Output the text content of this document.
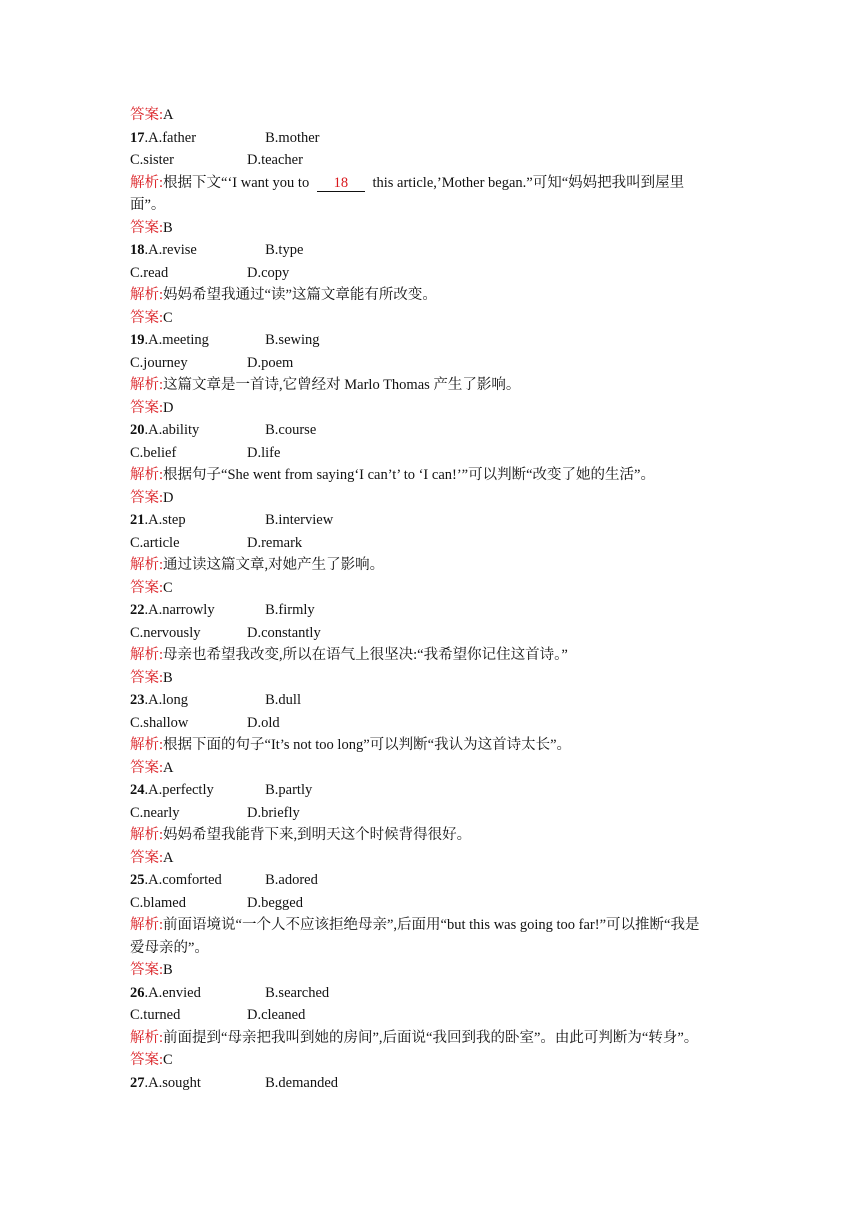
答案:A
17.A.father	B.mother
C.sister	D.teacher
解析:根据下文“‘I want you to 18 this article,’Mother began.”可知“妈妈把我叫到屋里
面”。
答案:B
18.A.revise	B.type
C.read	D.copy
解析:妈妈希望我通过“读”这篇文章能有所改变。
答案:C
19.A.meeting	B.sewing
C.journey	D.poem
解析:这篇文章是一首诗,它曾经对 Marlo Thomas 产生了影响。
答案:D
20.A.ability	B.course
C.belief	D.life
解析:根据句子“She went from saying‘I can’t’ to ‘I can!’”可以判断“改变了她的生活”。
答案:D
21.A.step	B.interview
C.article	D.remark
解析:通过读这篇文章,对她产生了影响。
答案:C
22.A.narrowly	B.firmly
C.nervously	D.constantly
解析:母亲也希望我改变,所以在语气上很坚决:“我希望你记住这首诗。”
答案:B
23.A.long	B.dull
C.shallow	D.old
解析:根据下面的句子“It’s not too long”可以判断“我认为这首诗太长”。
答案:A
24.A.perfectly	B.partly
C.nearly	D.briefly
解析:妈妈希望我能背下来,到明天这个时候背得很好。
答案:A
25.A.comforted	B.adored
C.blamed	D.begged
解析:前面语境说“一个人不应该拒绝母亲”,后面用“but this was going too far!”可以推断“我是
爱母亲的”。
答案:B
26.A.envied	B.searched
C.turned	D.cleaned
解析:前面提到“母亲把我叫到她的房间”,后面说“我回到我的卧室”。由此可判断为“转身”。
答案:C
27.A.sought	B.demanded
